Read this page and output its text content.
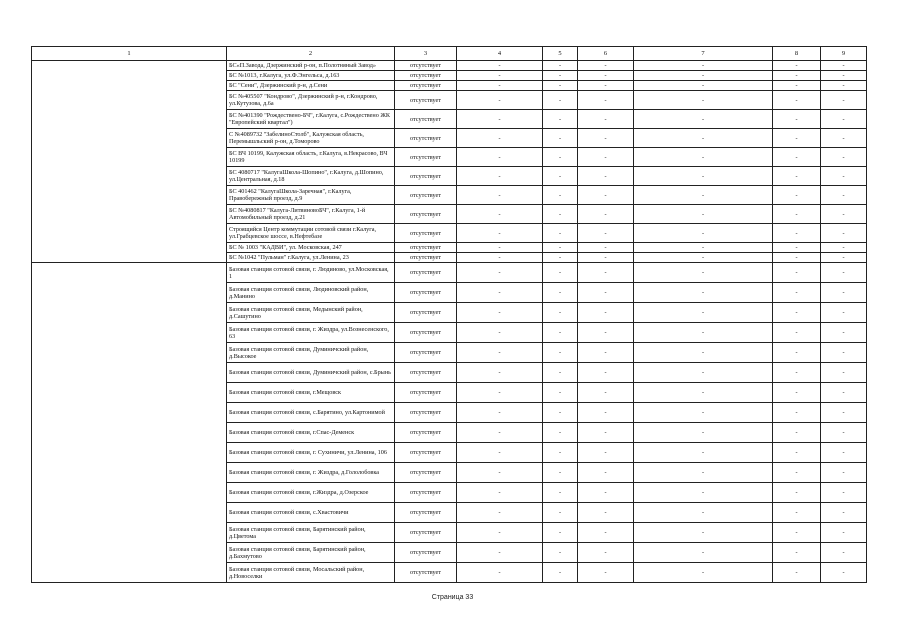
1	2	3	4	5	6	7	8	9
	БС«П.Завода, Дзержинский р-он, п.Полотняный Завод»	отсутствует	-	-	-	-	-	-
	БС №1013, г.Калуга, ул.Ф.Энгельса, д.163	отсутствует	-	-	-	-	-	-
	БС "Сени", Дзержинский р-н, д.Сени	отсутствует	-	-	-	-	-	-
	БС №405507 "Кондрово", Дзержинский р-н, г.Кондрово, ул.Кутузова, д.6а	отсутствует	-	-	-	-	-	-
	БС №401390 "Рождествено-БЧ", г.Калуга, с.Рождествено ЖК "Европейский квартал")	отсутствует	-	-	-	-	-	-
	С №4089732 "ЗабелиноСтолб", Калужская область, Перемышльский р-он, д.Томорово	отсутствует	-	-	-	-	-	-
	БС ВЧ 10199, Калужская область, г.Калуга, в.Некрасово, ВЧ 10199	отсутствует	-	-	-	-	-	-
	БС 4080717 "КалугаШкола-Шопино", г.Калуга, д.Шопино, ул.Центральная, д.18	отсутствует	-	-	-	-	-	-
	БС 401462 "КалугаШкола-Заречная", г.Калуга, Правобережный проезд, д.9	отсутствует	-	-	-	-	-	-
	БС №4080817 "Калуга-ЛитвиновоБЧ", г.Калуга, 1-й Автомобильный проезд, д.21	отсутствует	-	-	-	-	-	-
	Строящийся Центр коммутации сотовой связи г.Калуга, ул.Грабцевское шоссе, в.Нефтебазе	отсутствует	-	-	-	-	-	-
	БС № 1003 "КАДВИ", ул. Московская, 247	отсутствует	-	-	-	-	-	-
	БС №1042 "Пульман" г.Калуга, ул.Ленина, 23	отсутствует	-	-	-	-	-	-
	Базовая станция сотовой связи, г. Людиново, ул.Московская, 1	отсутствует	-	-	-	-	-	-
	Базовая станция сотовой связи, Людиновский район, д.Манино	отсутствует	-	-	-	-	-	-
	Базовая станция сотовой связи, Медынский район, д.Сашутино	отсутствует	-	-	-	-	-	-
	Базовая станция сотовой связи, г. Жиздра, ул.Вознесенского, 63	отсутствует	-	-	-	-	-	-
	Базовая станция сотовой связи, Думиничский район, д.Высокое	отсутствует	-	-	-	-	-	-
	Базовая станция сотовой связи, Думиничский район, с.Брынь	отсутствует	-	-	-	-	-	-
	Базовая станция сотовой связи, г.Мещовск	отсутствует	-	-	-	-	-	-
	Базовая станция сотовой связи, с.Барятино, ул.Картонимой	отсутствует	-	-	-	-	-	-
	Базовая станция сотовой связи, г.Спас-Деменск	отсутствует	-	-	-	-	-	-
	Базовая станция сотовой связи, г. Сухиничи, ул.Ленина, 106	отсутствует	-	-	-	-	-	-
	Базовая станция сотовой связи, г. Жиздра, д.Гололобовка	отсутствует	-	-	-	-	-	-
	Базовая станция сотовой связи, г.Жиздра, д.Озерское	отсутствует	-	-	-	-	-	-
	Базовая станция сотовой связи, с.Хвастовичи	отсутствует	-	-	-	-	-	-
	Базовая станция сотовой связи, Барятинский район, д.Цветома	отсутствует	-	-	-	-	-	-
	Базовая станция сотовой связи, Барятинский район, д.Бахмутово	отсутствует	-	-	-	-	-	-
	Базовая станция сотовой связи, Мосальский район, д.Новоселки	отсутствует	-	-	-	-	-	-
Страница 33
